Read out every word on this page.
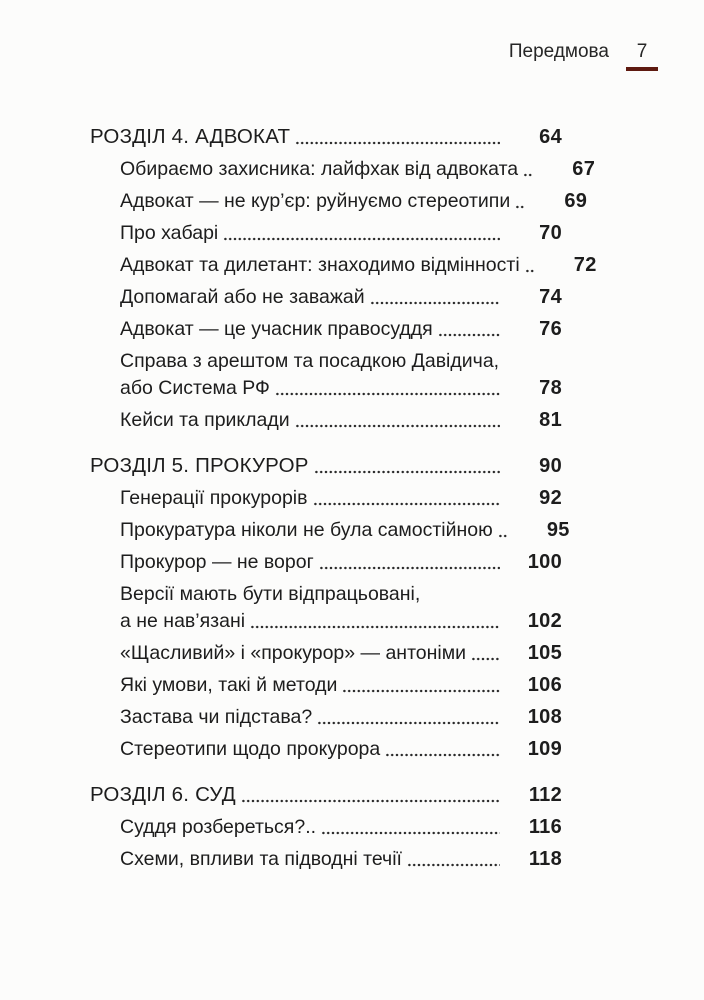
Передмова 7
РОЗДІЛ 4. АДВОКАТ	64
Обираємо захисника: лайфхак від адвоката	67
Адвокат — не кур’єр: руйнуємо стереотипи	69
Про хабарі	70
Адвокат та дилетант: знаходимо відмінності	72
Допомагай або не заважай	74
Адвокат — це учасник правосуддя	76
Справа з арештом та посадкою Давідича,
або Система РФ	78
Кейси та приклади	81
РОЗДІЛ 5. ПРОКУРОР	90
Генерації прокурорів	92
Прокуратура ніколи не була самостійною	95
Прокурор — не ворог	100
Версії мають бути відпрацьовані,
а не нав’язані	102
«Щасливий» і «прокурор» — антоніми	105
Які умови, такі й методи	106
Застава чи підстава?	108
Стереотипи щодо прокурора	109
РОЗДІЛ 6. СУД	112
Суддя розбереться?..	116
Схеми, впливи та підводні течії	118
